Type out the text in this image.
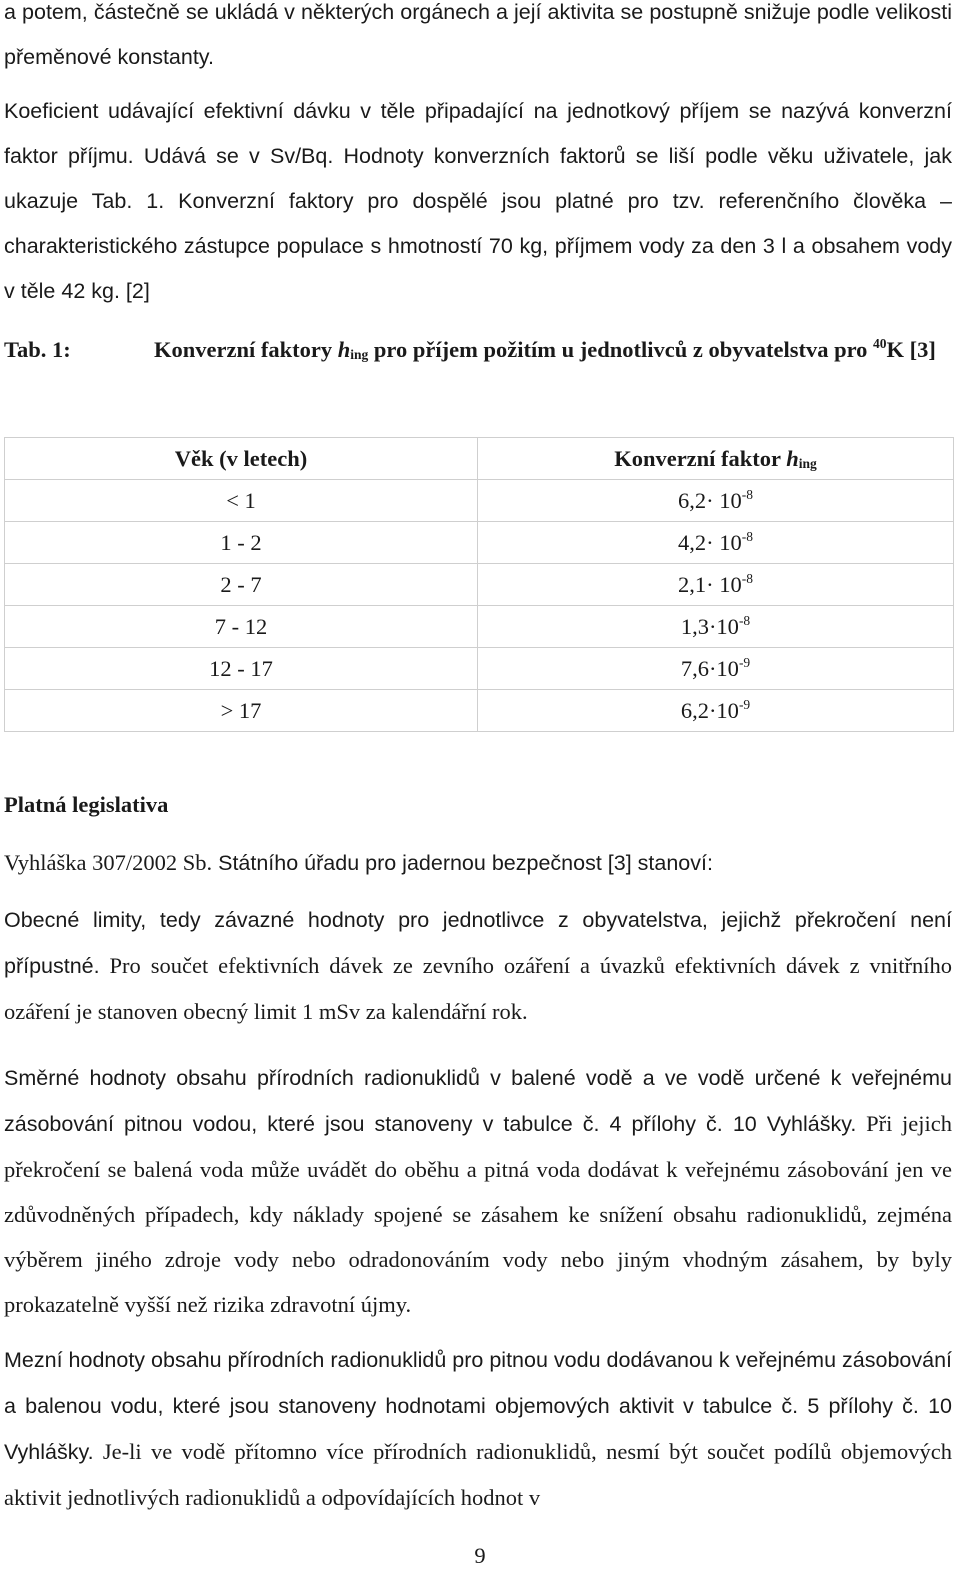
a potem, částečně se ukládá v některých orgánech a její aktivita se postupně snižuje podle velikosti přeměnové konstanty.

Koeficient udávající efektivní dávku v těle připadající na jednotkový příjem se nazývá konverzní faktor příjmu. Udává se v Sv/Bq. Hodnoty konverzních faktorů se liší podle věku uživatele, jak ukazuje Tab. 1. Konverzní faktory pro dospělé jsou platné pro tzv. referenčního člověka – charakteristického zástupce populace s hmotností 70 kg, příjmem vody za den 3 l a obsahem vody v těle 42 kg. [2]

Tab. 1:	Konverzní faktory $h_{ing}$ pro příjem požitím u jednotlivců z obyvatelstva pro $^{40}$K [3]
Věk (v letech)	Konverzní faktor $h_{ing}$
< 1	$6,2\cdot 10^{-8}$
1 - 2	$4,2\cdot 10^{-8}$
2 - 7	$2,1\cdot 10^{-8}$
7 - 12	$1,3\cdot 10^{-8}$
12 - 17	$7,6\cdot 10^{-9}$
> 17	$6,2\cdot 10^{-9}$
Platná legislativa

Vyhláška 307/2002 Sb. Státního úřadu pro jadernou bezpečnost [3] stanoví:

Obecné limity, tedy závazné hodnoty pro jednotlivce z obyvatelstva, jejichž překročení není přípustné. Pro součet efektivních dávek ze zevního ozáření a úvazků efektivních dávek z vnitřního ozáření je stanoven obecný limit 1 mSv za kalendářní rok.

Směrné hodnoty obsahu přírodních radionuklidů v balené vodě a ve vodě určené k veřejnému zásobování pitnou vodou, které jsou stanoveny v tabulce č. 4 přílohy č. 10 Vyhlášky. Při jejich překročení se balená voda může uvádět do oběhu a pitná voda dodávat k veřejnému zásobování jen ve zdůvodněných případech, kdy náklady spojené se zásahem ke snížení obsahu radionuklidů, zejména výběrem jiného zdroje vody nebo odradonováním vody nebo jiným vhodným zásahem, by byly prokazatelně vyšší než rizika zdravotní újmy.

Mezní hodnoty obsahu přírodních radionuklidů pro pitnou vodu dodávanou k veřejnému zásobování a balenou vodu, které jsou stanoveny hodnotami objemových aktivit v tabulce č. 5 přílohy č. 10 Vyhlášky. Je-li ve vodě přítomno více přírodních radionuklidů, nesmí být součet podílů objemových aktivit jednotlivých radionuklidů a odpovídajících hodnot v

9
